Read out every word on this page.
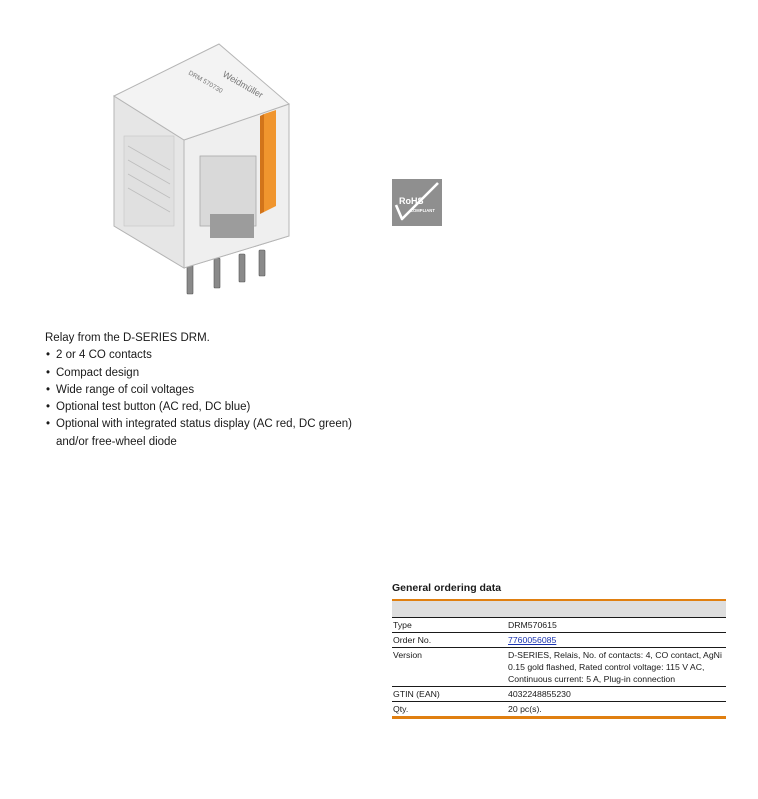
Weidmüller
DRM 570730
RoHS
COMPLIANT

Relay from the D-SERIES DRM.

• 2 or 4 CO contacts
• Compact design
• Wide range of coil voltages
• Optional test button (AC red, DC blue)
• Optional with integrated status display (AC red, DC green)
and/or free-wheel diode
General ordering data
Type	DRM570615
Order No.	7760056085
Version	D-SERIES, Relais, No. of contacts: 4, CO contact, AgNi 0.15 gold flashed, Rated control voltage: 115 V AC, Continuous current: 5 A, Plug-in connection
GTIN (EAN)	4032248855230
Qty.	20 pc(s).
